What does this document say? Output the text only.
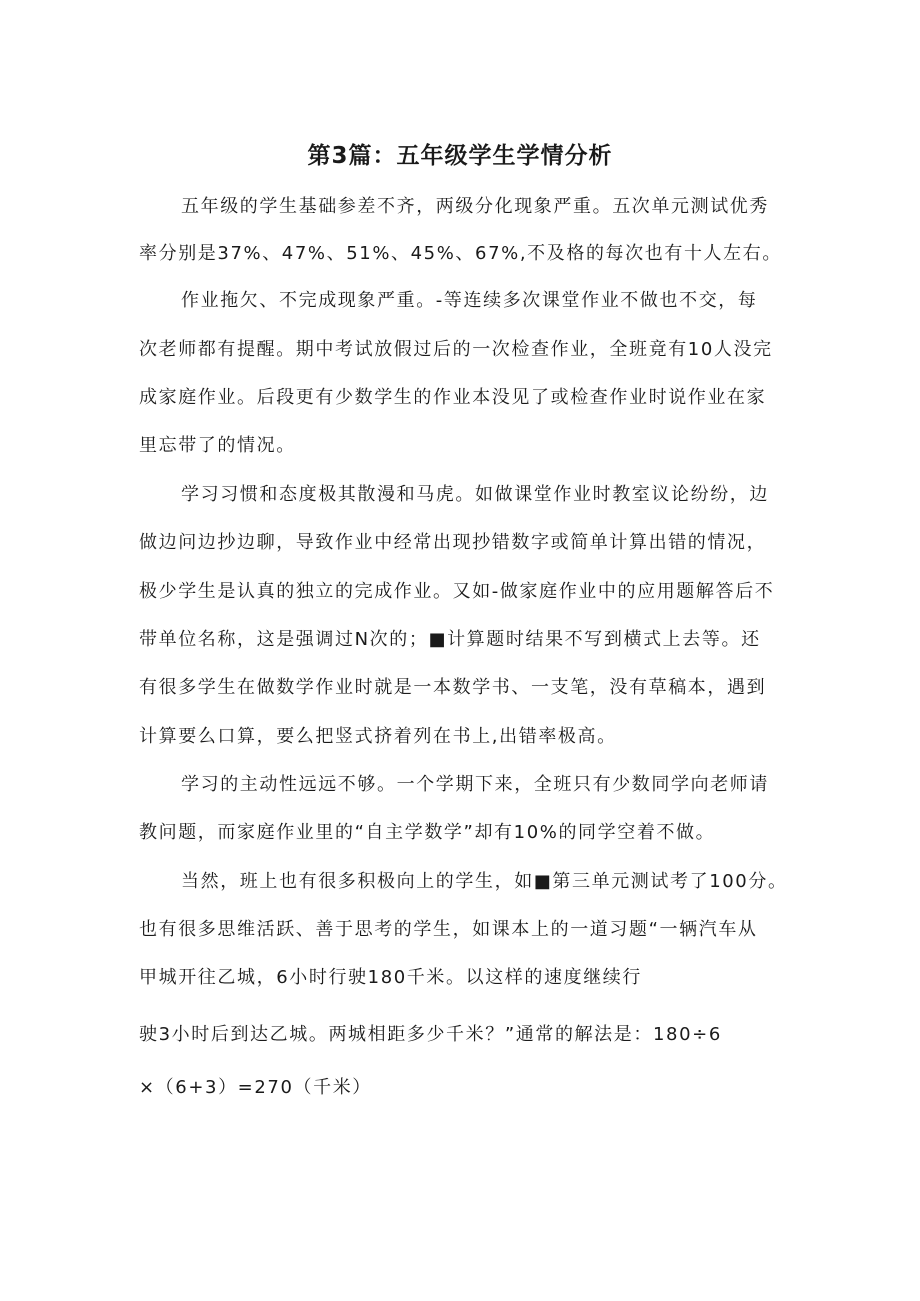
第3篇：五年级学生学情分析
五年级的学生基础参差不齐，两级分化现象严重。五次单元测试优秀
率分别是37%、47%、51%、45%、67%,不及格的每次也有十人左右。
作业拖欠、不完成现象严重。-等连续多次课堂作业不做也不交，每
次老师都有提醒。期中考试放假过后的一次检查作业，全班竟有10人没完
成家庭作业。后段更有少数学生的作业本没见了或检查作业时说作业在家
里忘带了的情况。
学习习惯和态度极其散漫和马虎。如做课堂作业时教室议论纷纷，边
做边问边抄边聊，导致作业中经常出现抄错数字或简单计算出错的情况，
极少学生是认真的独立的完成作业。又如-做家庭作业中的应用题解答后不
带单位名称，这是强调过N次的；■计算题时结果不写到横式上去等。还
有很多学生在做数学作业时就是一本数学书、一支笔，没有草稿本，遇到
计算要么口算，要么把竖式挤着列在书上,出错率极高。
学习的主动性远远不够。一个学期下来，全班只有少数同学向老师请
教问题，而家庭作业里的“自主学数学”却有10%的同学空着不做。
当然，班上也有很多积极向上的学生，如■第三单元测试考了100分。
也有很多思维活跃、善于思考的学生，如课本上的一道习题“一辆汽车从
甲城开往乙城，6小时行驶180千米。以这样的速度继续行
驶3小时后到达乙城。两城相距多少千米？”通常的解法是：180÷6
×（6+3）=270（千米）
